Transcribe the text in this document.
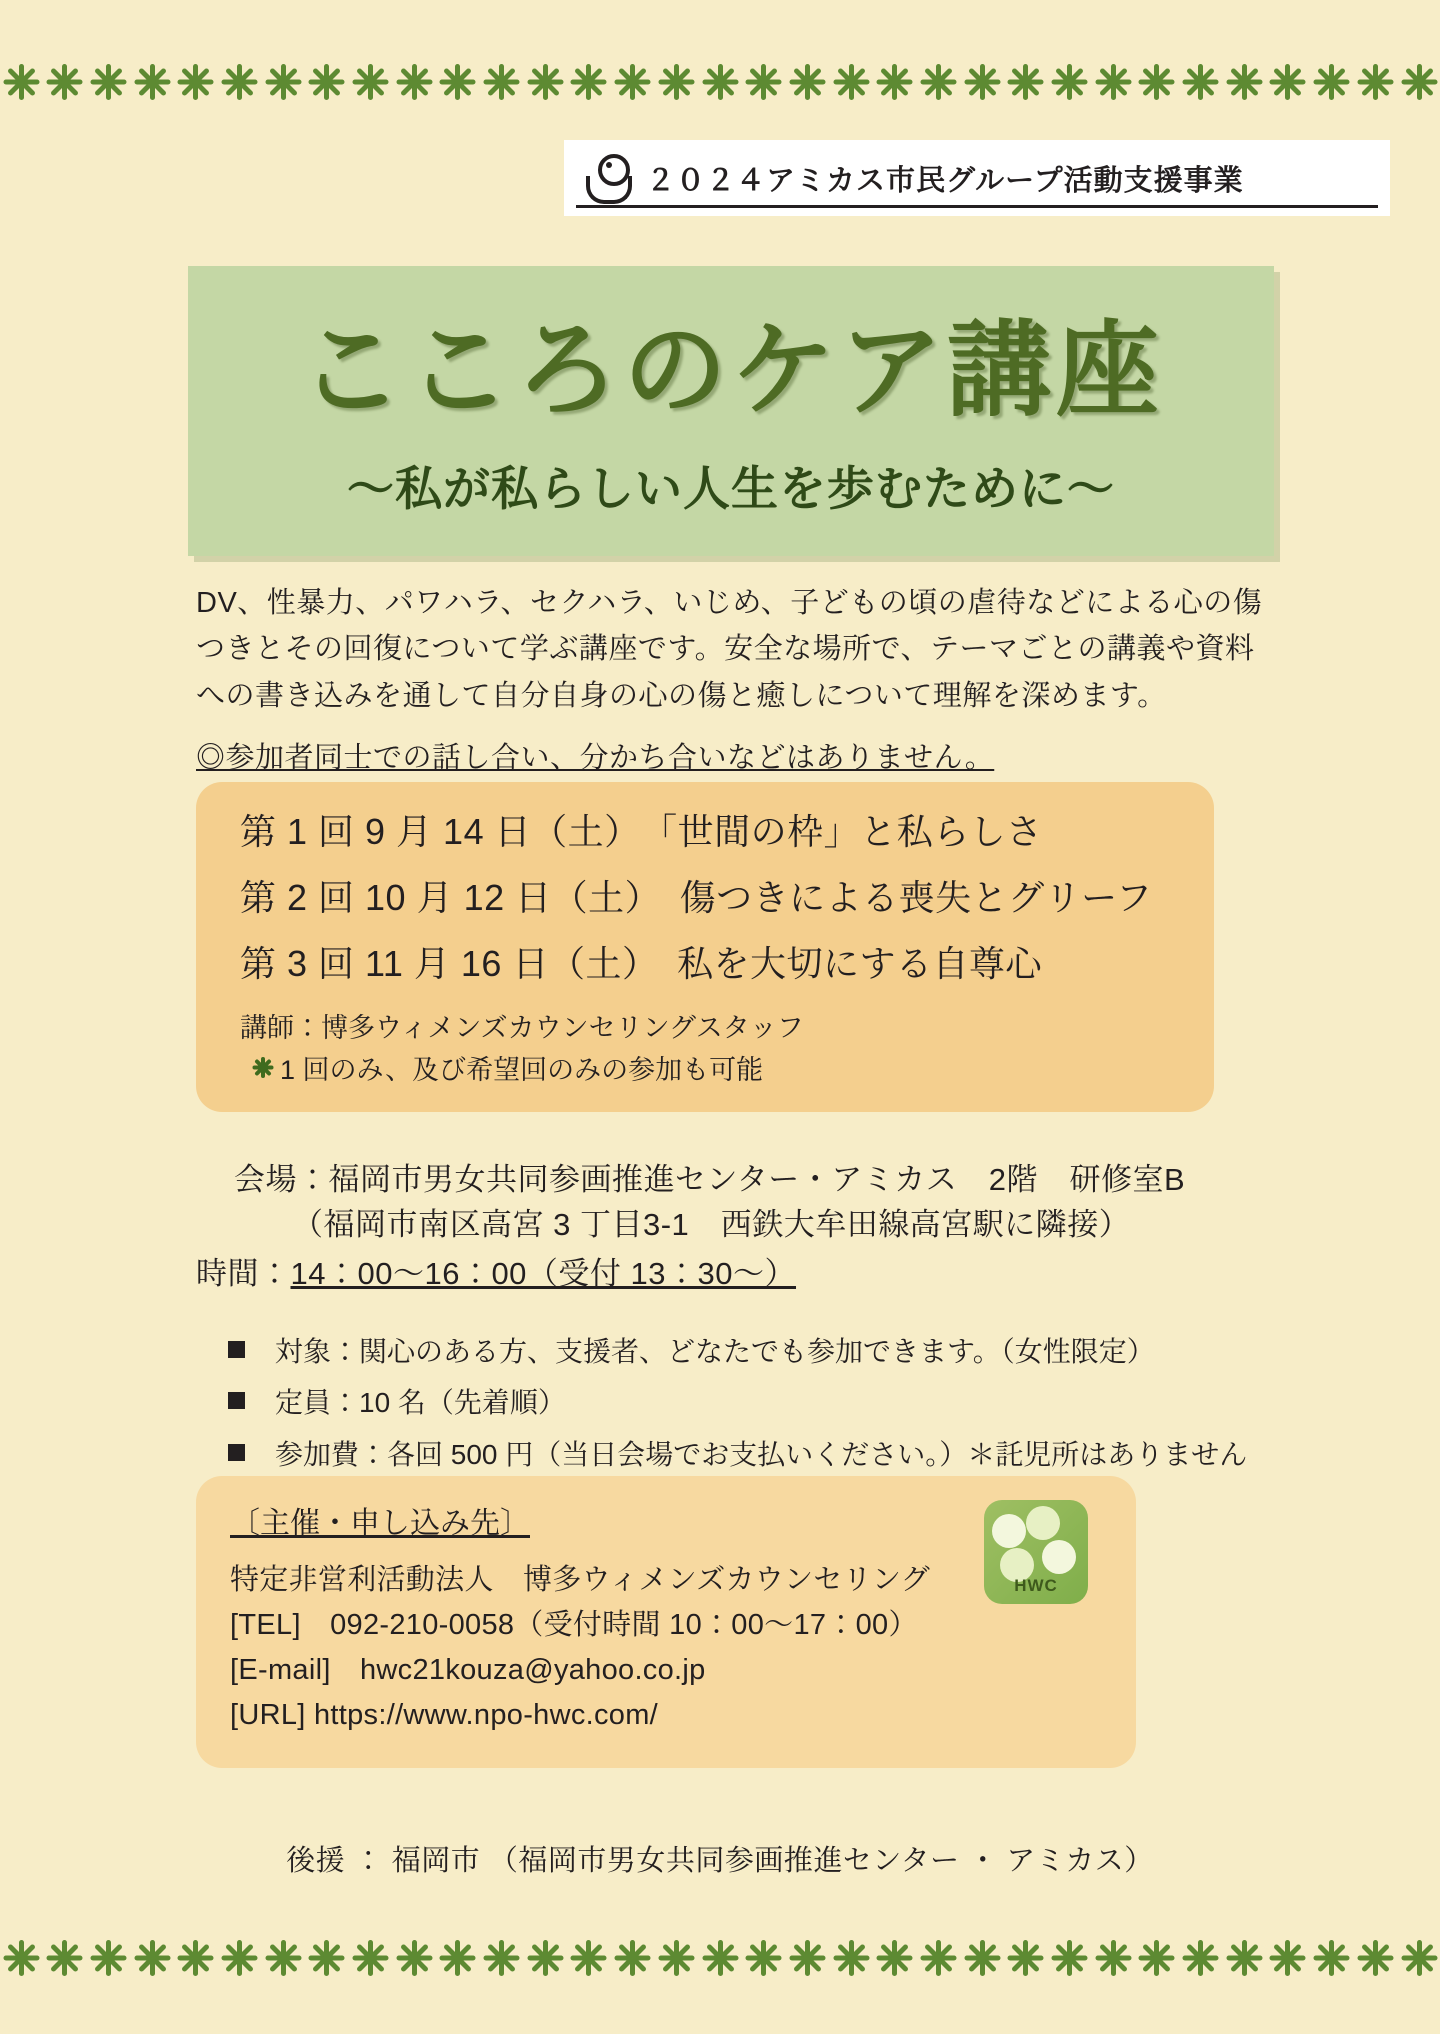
２０２４アミカス市民グループ活動支援事業
こころのケア講座
〜私が私らしい人生を歩むために〜
DV、性暴力、パワハラ、セクハラ、いじめ、子どもの頃の虐待などによる心の傷つきとその回復について学ぶ講座です。安全な場所で、テーマごとの講義や資料への書き込みを通して自分自身の心の傷と癒しについて理解を深めます。
◎参加者同士での話し合い、分かち合いなどはありません。
第 1 回 9 月 14 日（土）　「世間の枠」と私らしさ
第 2 回 10 月 12 日（土）　傷つきによる喪失とグリーフ
第 3 回 11 月 16 日（土）　私を大切にする自尊心
講師：博多ウィメンズカウンセリングスタッフ
1 回のみ、及び希望回のみの参加も可能
会場：福岡市男女共同参画推進センター・アミカス　2階　研修室B
（福岡市南区高宮 3 丁目3-1　西鉄大牟田線高宮駅に隣接）
時間：14：00〜16：00（受付 13：30〜）
対象：関心のある方、支援者、どなたでも参加できます。（女性限定）
定員：10 名（先着順）
参加費：各回 500 円（当日会場でお支払いください。）＊託児所はありません
〔主催・申し込み先〕
特定非営利活動法人　博多ウィメンズカウンセリング
[TEL]　092-210-0058（受付時間 10：00〜17：00）
[E-mail]　hwc21kouza@yahoo.co.jp
[URL] https://www.npo-hwc.com/
HWC
後援 ： 福岡市 （福岡市男女共同参画推進センター ・ アミカス）
